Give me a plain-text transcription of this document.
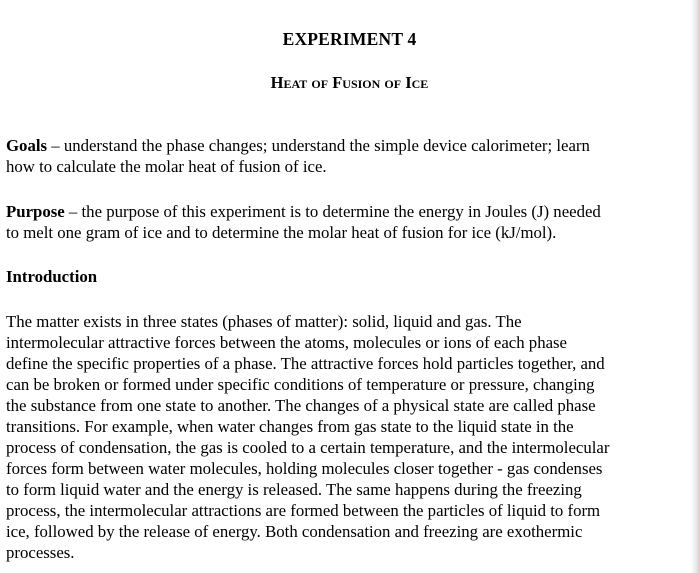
EXPERIMENT 4
Heat of Fusion of Ice

Goals – understand the phase changes; understand the simple device calorimeter; learn
how to calculate the molar heat of fusion of ice.

Purpose – the purpose of this experiment is to determine the energy in Joules (J) needed
to melt one gram of ice and to determine the molar heat of fusion for ice (kJ/mol).

Introduction

The matter exists in three states (phases of matter): solid, liquid and gas. The
intermolecular attractive forces between the atoms, molecules or ions of each phase
define the specific properties of a phase. The attractive forces hold particles together, and
can be broken or formed under specific conditions of temperature or pressure, changing
the substance from one state to another. The changes of a physical state are called phase
transitions. For example, when water changes from gas state to the liquid state in the
process of condensation, the gas is cooled to a certain temperature, and the intermolecular
forces form between water molecules, holding molecules closer together - gas condenses
to form liquid water and the energy is released. The same happens during the freezing
process, the intermolecular attractions are formed between the particles of liquid to form
ice, followed by the release of energy. Both condensation and freezing are exothermic
processes.
